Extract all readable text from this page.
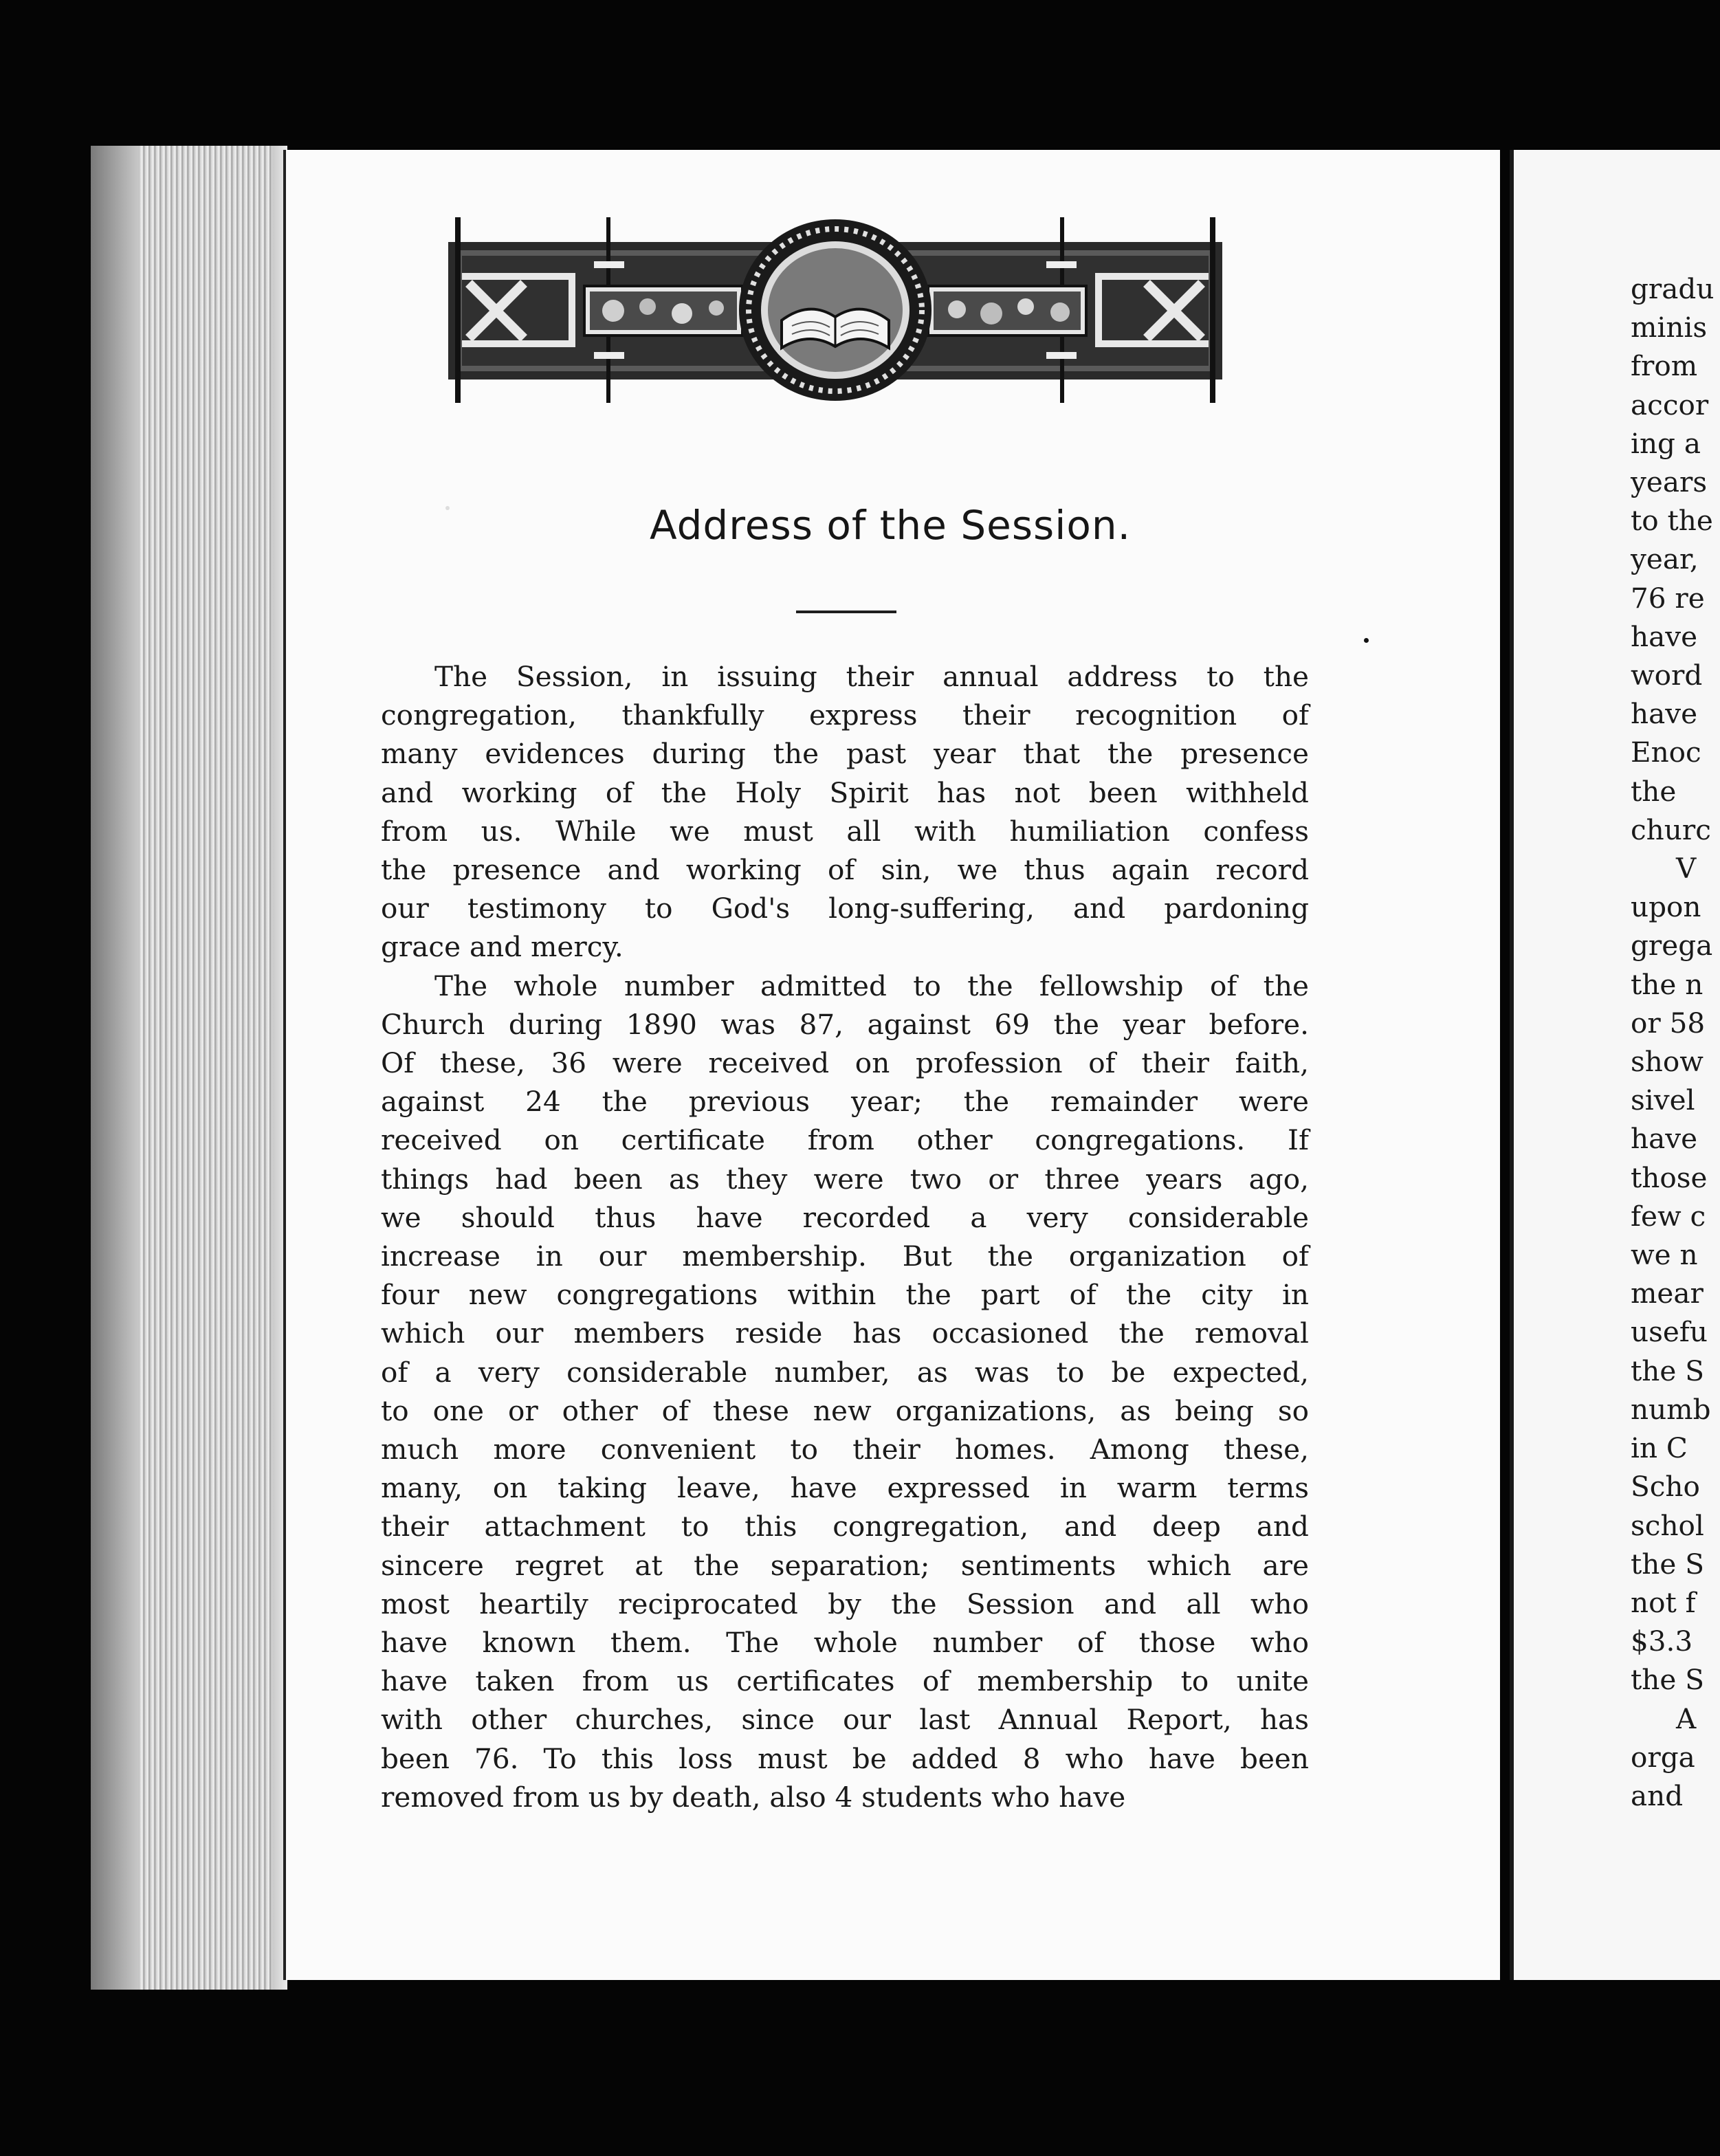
Address of the Session.
The Session, in issuing their annual address to the
congregation, thankfully express their recognition of
many evidences during the past year that the presence
and working of the Holy Spirit has not been withheld
from us. While we must all with humiliation confess
the presence and working of sin, we thus again record
our testimony to God's long-suffering, and pardoning
grace and mercy.
The whole number admitted to the fellowship of the
Church during 1890 was 87, against 69 the year before.
Of these, 36 were received on profession of their faith,
against 24 the previous year; the remainder were
received on certificate from other congregations. If
things had been as they were two or three years ago,
we should thus have recorded a very considerable
increase in our membership. But the organization of
four new congregations within the part of the city in
which our members reside has occasioned the removal
of a very considerable number, as was to be expected,
to one or other of these new organizations, as being so
much more convenient to their homes. Among these,
many, on taking leave, have expressed in warm terms
their attachment to this congregation, and deep and
sincere regret at the separation; sentiments which are
most heartily reciprocated by the Session and all who
have known them. The whole number of those who
have taken from us certificates of membership to unite
with other churches, since our last Annual Report, has
been 76. To this loss must be added 8 who have been
removed from us by death, also 4 students who have
gradu
minis
from
accor
ing a
years
to the
year,
76 re
have
word
have
Enoc
the
churc
V
upon
grega
the n
or 58
show
sivel
have
those
few c
we n
mear
usefu
the S
numb
in C
Scho
schol
the S
not f
$3.3
the S
A
orga
and
